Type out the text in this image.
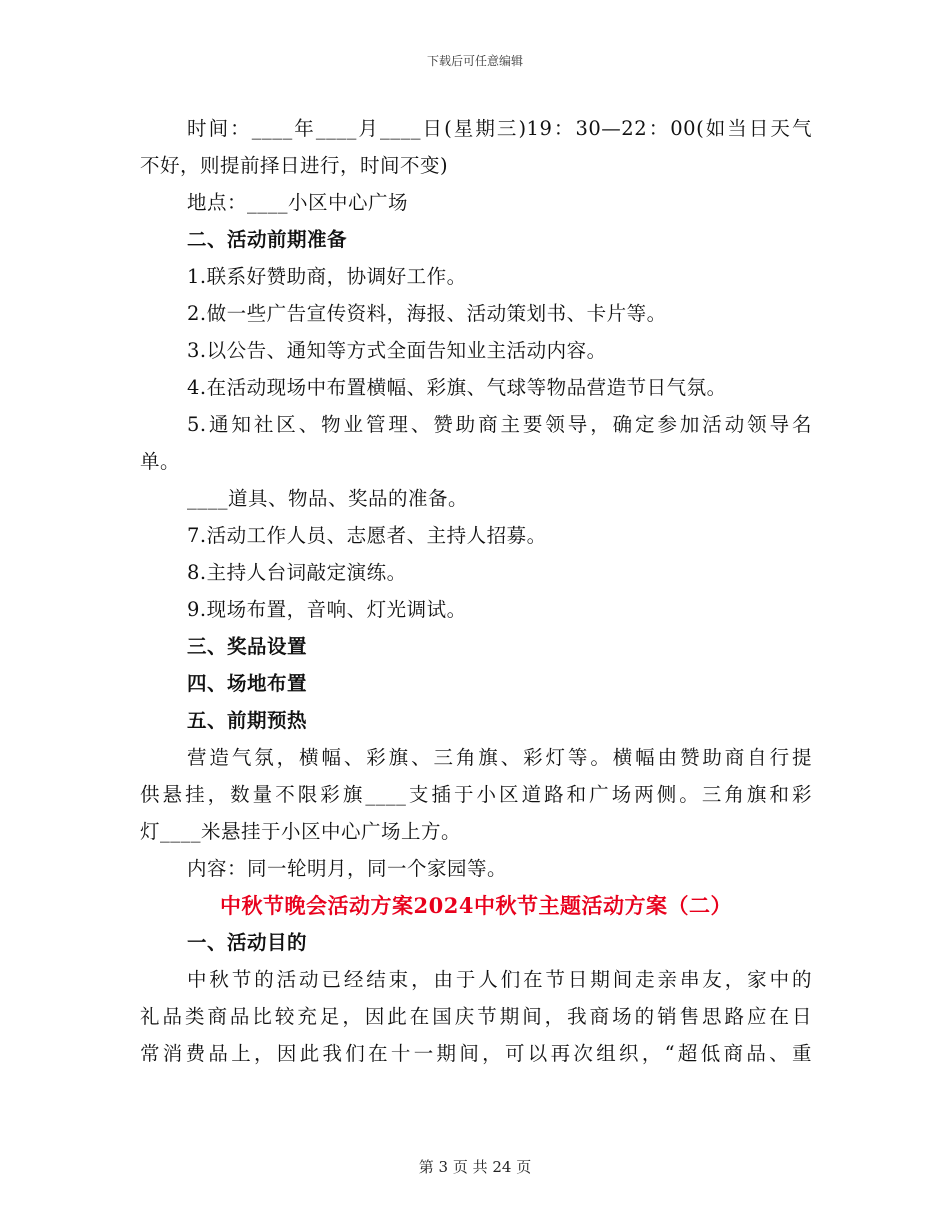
下载后可任意编辑
时间：____年____月____日(星期三)19：30—22：00(如当日天气
不好，则提前择日进行，时间不变)
地点：____小区中心广场
二、活动前期准备
1.联系好赞助商，协调好工作。
2.做一些广告宣传资料，海报、活动策划书、卡片等。
3.以公告、通知等方式全面告知业主活动内容。
4.在活动现场中布置横幅、彩旗、气球等物品营造节日气氛。
5.通知社区、物业管理、赞助商主要领导，确定参加活动领导名
单。
____道具、物品、奖品的准备。
7.活动工作人员、志愿者、主持人招募。
8.主持人台词敲定演练。
9.现场布置，音响、灯光调试。
三、奖品设置
四、场地布置
五、前期预热
营造气氛，横幅、彩旗、三角旗、彩灯等。横幅由赞助商自行提
供悬挂，数量不限彩旗____支插于小区道路和广场两侧。三角旗和彩
灯____米悬挂于小区中心广场上方。
内容：同一轮明月，同一个家园等。
中秋节晚会活动方案2024中秋节主题活动方案（二）
一、活动目的
中秋节的活动已经结束，由于人们在节日期间走亲串友，家中的
礼品类商品比较充足，因此在国庆节期间，我商场的销售思路应在日
常消费品上，因此我们在十一期间，可以再次组织，“超低商品、重
第 3 页 共 24 页
